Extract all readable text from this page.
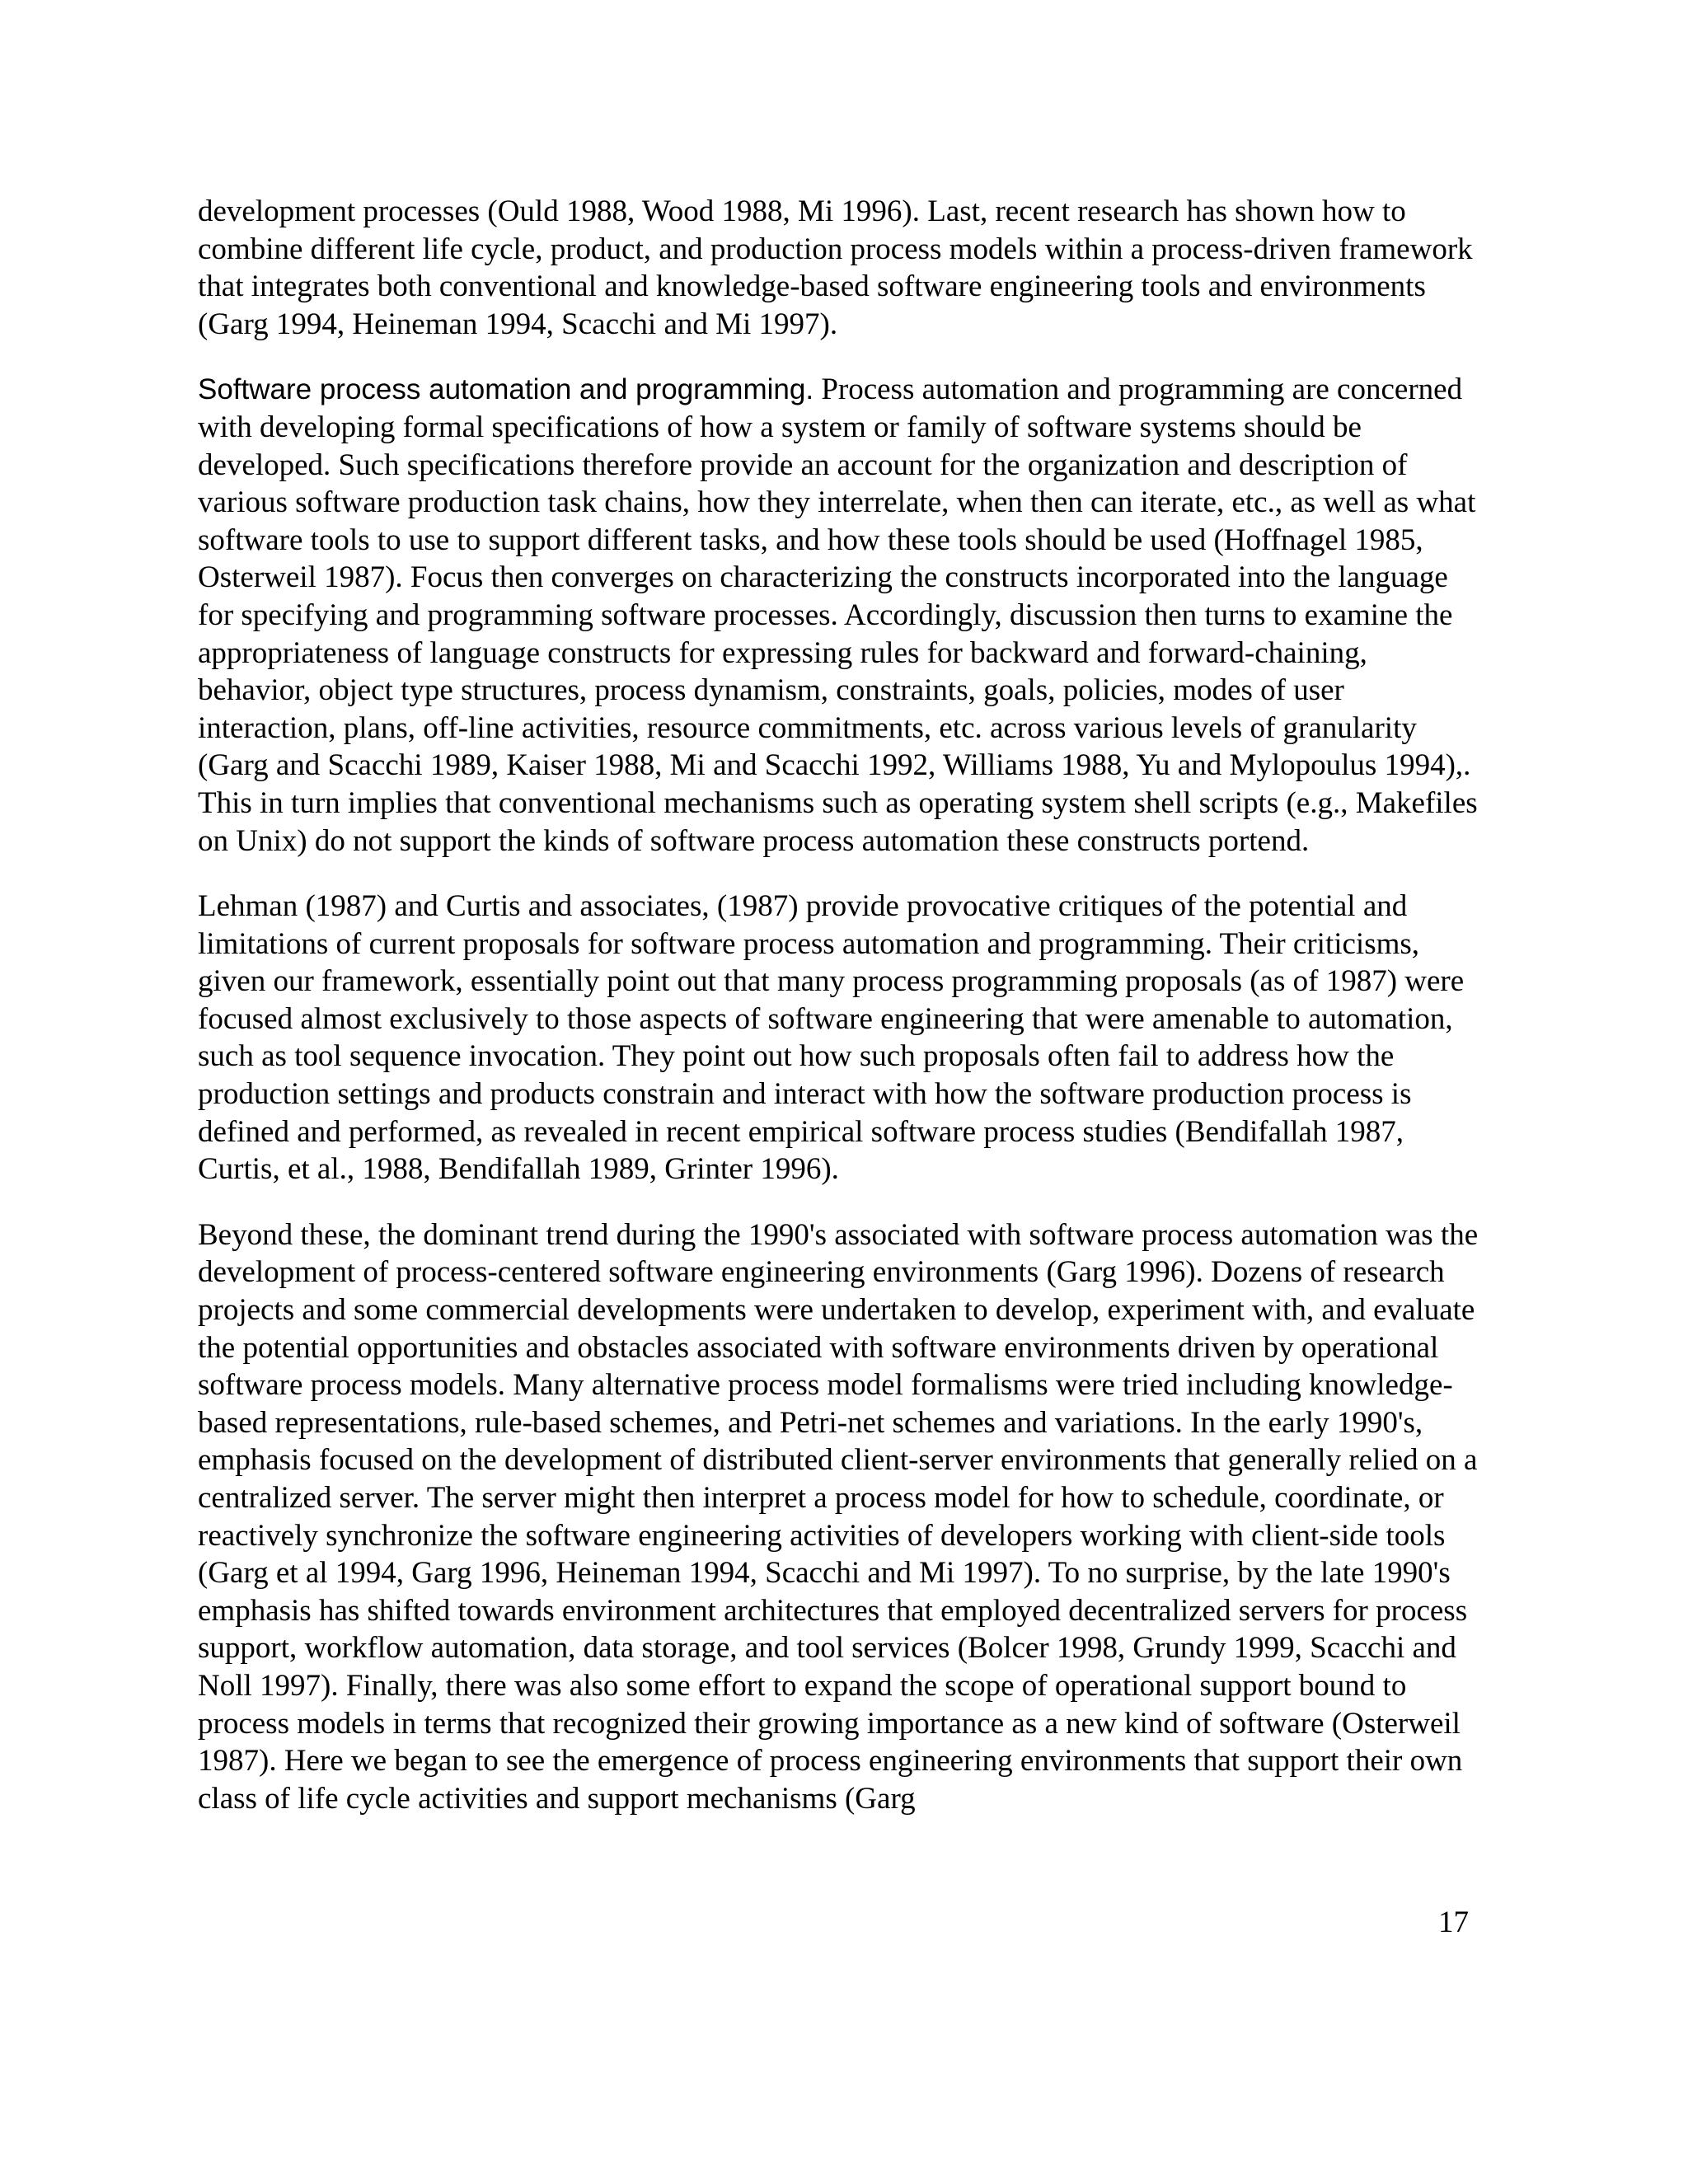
development processes (Ould 1988, Wood 1988, Mi 1996). Last, recent research has shown how to combine different life cycle, product, and production process models within a process-driven framework that integrates both conventional and knowledge-based software engineering tools and environments (Garg 1994, Heineman 1994, Scacchi and Mi 1997).

Software process automation and programming. Process automation and programming are concerned with developing formal specifications of how a system or family of software systems should be developed. Such specifications therefore provide an account for the organization and description of various software production task chains, how they interrelate, when then can iterate, etc., as well as what software tools to use to support different tasks, and how these tools should be used (Hoffnagel 1985, Osterweil 1987). Focus then converges on characterizing the constructs incorporated into the language for specifying and programming software processes. Accordingly, discussion then turns to examine the appropriateness of language constructs for expressing rules for backward and forward-chaining, behavior, object type structures, process dynamism, constraints, goals, policies, modes of user interaction, plans, off-line activities, resource commitments, etc. across various levels of granularity (Garg and Scacchi 1989, Kaiser 1988, Mi and Scacchi 1992, Williams 1988, Yu and Mylopoulus 1994),. This in turn implies that conventional mechanisms such as operating system shell scripts (e.g., Makefiles on Unix) do not support the kinds of software process automation these constructs portend.

Lehman (1987) and Curtis and associates, (1987) provide provocative critiques of the potential and limitations of current proposals for software process automation and programming. Their criticisms, given our framework, essentially point out that many process programming proposals (as of 1987) were focused almost exclusively to those aspects of software engineering that were amenable to automation, such as tool sequence invocation. They point out how such proposals often fail to address how the production settings and products constrain and interact with how the software production process is defined and performed, as revealed in recent empirical software process studies (Bendifallah 1987, Curtis, et al., 1988, Bendifallah 1989, Grinter 1996).

Beyond these, the dominant trend during the 1990's associated with software process automation was the development of process-centered software engineering environments (Garg 1996). Dozens of research projects and some commercial developments were undertaken to develop, experiment with, and evaluate the potential opportunities and obstacles associated with software environments driven by operational software process models. Many alternative process model formalisms were tried including knowledge-based representations, rule-based schemes, and Petri-net schemes and variations. In the early 1990's, emphasis focused on the development of distributed client-server environments that generally relied on a centralized server. The server might then interpret a process model for how to schedule, coordinate, or reactively synchronize the software engineering activities of developers working with client-side tools (Garg et al 1994, Garg 1996, Heineman 1994, Scacchi and Mi 1997). To no surprise, by the late 1990's emphasis has shifted towards environment architectures that employed decentralized servers for process support, workflow automation, data storage, and tool services (Bolcer 1998, Grundy 1999, Scacchi and Noll 1997). Finally, there was also some effort to expand the scope of operational support bound to process models in terms that recognized their growing importance as a new kind of software (Osterweil 1987). Here we began to see the emergence of process engineering environments that support their own class of life cycle activities and support mechanisms (Garg

17
